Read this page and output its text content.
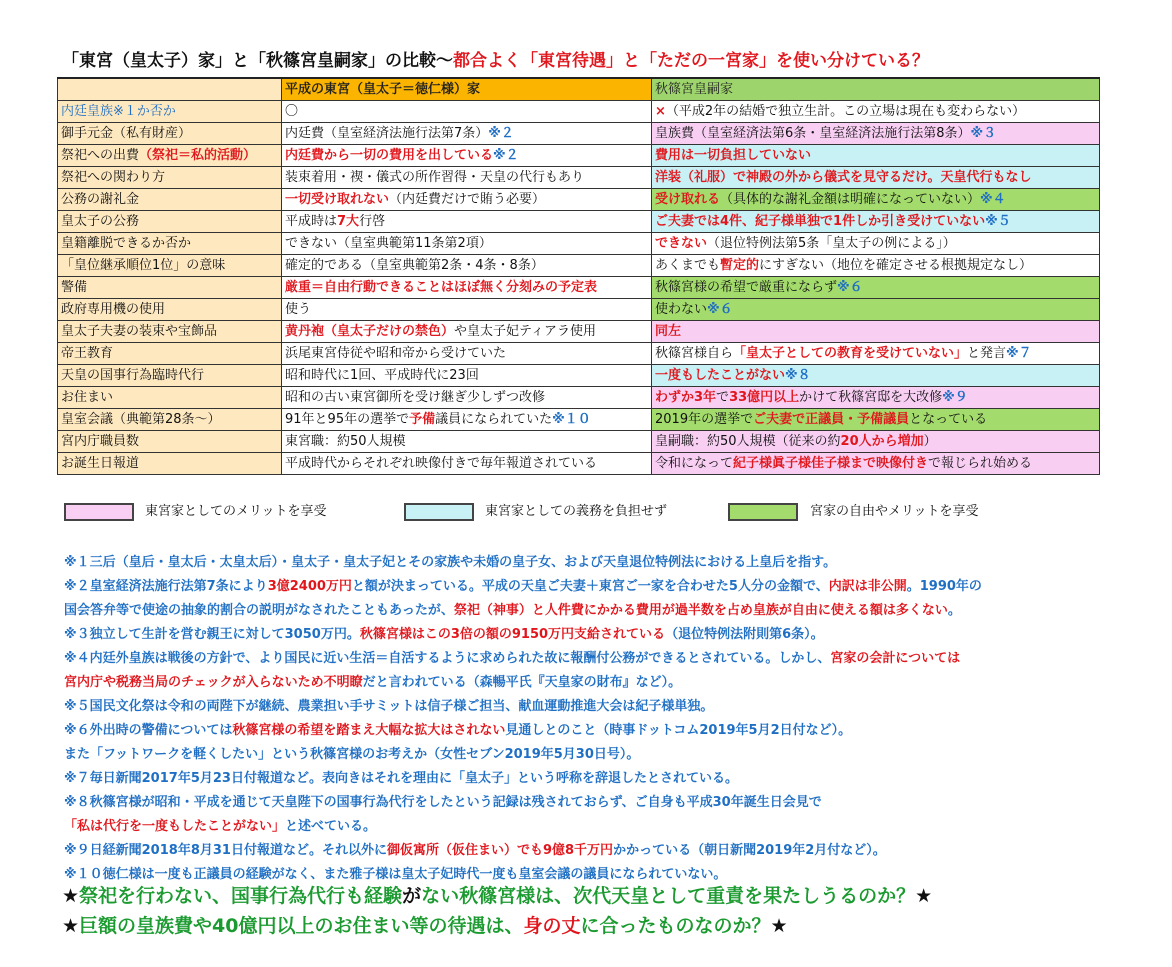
「東宮（皇太子）家」と「秋篠宮皇嗣家」の比較～都合よく「東宮待遇」と「ただの一宮家」を使い分けている？
	平成の東宮（皇太子＝徳仁様）家	秋篠宮皇嗣家
内廷皇族※１か否か	〇	×（平成2年の結婚で独立生計。この立場は現在も変わらない）
御手元金（私有財産）	内廷費（皇室経済法施行法第7条）※２	皇族費（皇室経済法第6条・皇室経済法施行法第8条）※３
祭祀への出費（祭祀＝私的活動）	内廷費から一切の費用を出している※２	費用は一切負担していない
祭祀への関わり方	装束着用・禊・儀式の所作習得・天皇の代行もあり	洋装（礼服）で神殿の外から儀式を見守るだけ。天皇代行もなし
公務の謝礼金	一切受け取れない（内廷費だけで賄う必要）	受け取れる（具体的な謝礼金額は明確になっていない）※４
皇太子の公務	平成時は7大行啓	ご夫妻では4件、紀子様単独で1件しか引き受けていない※５
皇籍離脱できるか否か	できない（皇室典範第11条第2項）	できない（退位特例法第5条「皇太子の例による」）
「皇位継承順位1位」の意味	確定的である（皇室典範第2条・4条・8条）	あくまでも暫定的にすぎない（地位を確定させる根拠規定なし）
警備	厳重＝自由行動できることはほぼ無く分刻みの予定表	秋篠宮様の希望で厳重にならず※６
政府専用機の使用	使う	使わない※６
皇太子夫妻の装束や宝飾品	黄丹袍（皇太子だけの禁色）や皇太子妃ティアラ使用	同左
帝王教育	浜尾東宮侍従や昭和帝から受けていた	秋篠宮様自ら「皇太子としての教育を受けていない」と発言※７
天皇の国事行為臨時代行	昭和時代に1回、平成時代に23回	一度もしたことがない※８
お住まい	昭和の古い東宮御所を受け継ぎ少しずつ改修	わずか3年で33億円以上かけて秋篠宮邸を大改修※９
皇室会議（典範第28条～）	91年と95年の選挙で予備議員になられていた※１０	2019年の選挙でご夫妻で正議員・予備議員となっている
宮内庁職員数	東宮職：約50人規模	皇嗣職：約50人規模（従来の約20人から増加）
お誕生日報道	平成時代からそれぞれ映像付きで毎年報道されている	令和になって紀子様眞子様佳子様まで映像付きで報じられ始める
東宮家としてのメリットを享受	東宮家としての義務を負担せず	宮家の自由やメリットを享受
※１三后（皇后・皇太后・太皇太后）・皇太子・皇太子妃とその家族や未婚の皇子女、および天皇退位特例法における上皇后を指す。
※２皇室経済法施行法第7条により3億2400万円と額が決まっている。平成の天皇ご夫妻＋東宮ご一家を合わせた5人分の金額で、内訳は非公開。1990年の
国会答弁等で使途の抽象的割合の説明がなされたこともあったが、祭祀（神事）と人件費にかかる費用が過半数を占め皇族が自由に使える額は多くない。
※３独立して生計を営む親王に対して3050万円。秋篠宮様はこの3倍の額の9150万円支給されている（退位特例法附則第6条）。
※４内廷外皇族は戦後の方針で、より国民に近い生活＝自活するように求められた故に報酬付公務ができるとされている。しかし、宮家の会計については
宮内庁や税務当局のチェックが入らないため不明瞭だと言われている（森暢平氏『天皇家の財布』など）。
※５国民文化祭は令和の両陛下が継続、農業担い手サミットは信子様ご担当、献血運動推進大会は紀子様単独。
※６外出時の警備については秋篠宮様の希望を踏まえ大幅な拡大はされない見通しとのこと（時事ドットコム2019年5月2日付など）。
また「フットワークを軽くしたい」という秋篠宮様のお考えか（女性セブン2019年5月30日号）。
※７毎日新聞2017年5月23日付報道など。表向きはそれを理由に「皇太子」という呼称を辞退したとされている。
※８秋篠宮様が昭和・平成を通じて天皇陛下の国事行為代行をしたという記録は残されておらず、ご自身も平成30年誕生日会見で
「私は代行を一度もしたことがない」と述べている。
※９日経新聞2018年8月31日付報道など。それ以外に御仮寓所（仮住まい）でも9億8千万円かかっている（朝日新聞2019年2月付など）。
※１０徳仁様は一度も正議員の経験がなく、また雅子様は皇太子妃時代一度も皇室会議の議員になられていない。
★祭祀を行わない、国事行為代行も経験がない秋篠宮様は、次代天皇として重責を果たしうるのか？★
★巨額の皇族費や40億円以上のお住まい等の待遇は、身の丈に合ったものなのか？★
